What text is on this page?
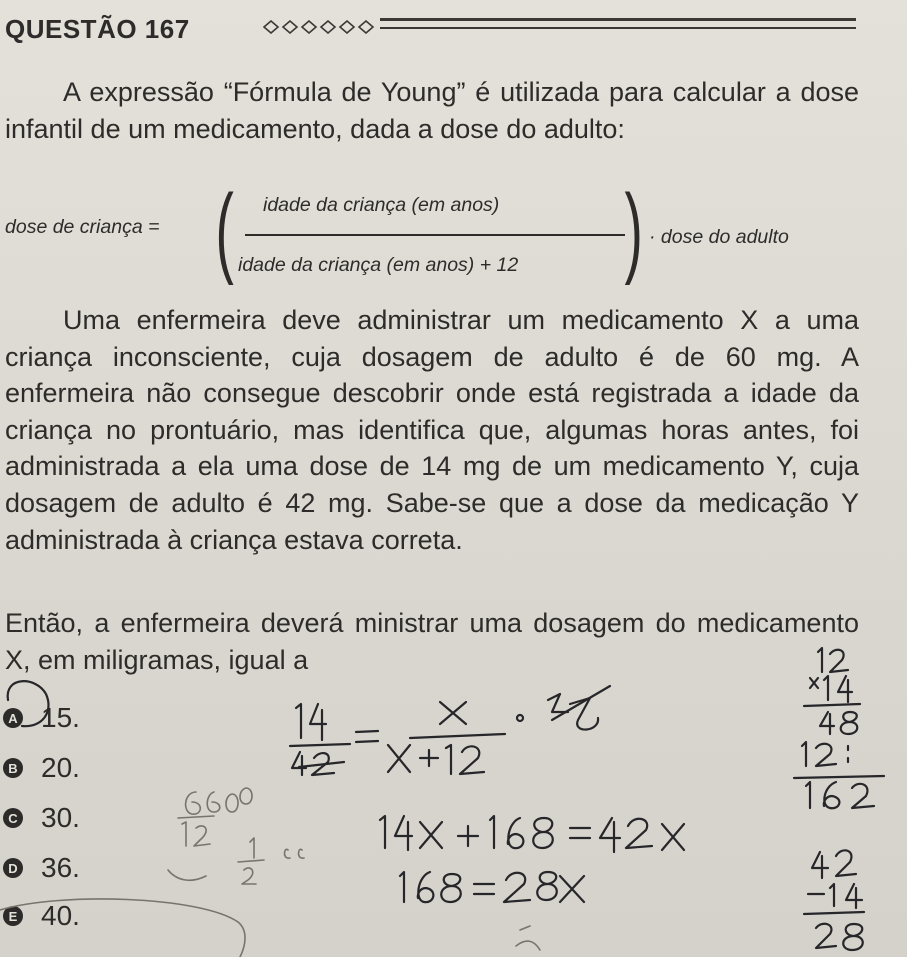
QUESTÃO 167
A expressão “Fórmula de Young” é utilizada para calcular a dose infantil de um medicamento, dada a dose do adulto:
dose de criança = ( idade da criança (em anos)
idade da criança (em anos) + 12 ) · dose do adulto
Uma enfermeira deve administrar um medicamento X a uma criança inconsciente, cuja dosagem de adulto é de 60 mg. A enfermeira não consegue descobrir onde está registrada a idade da criança no prontuário, mas identifica que, algumas horas antes, foi administrada a ela uma dose de 14 mg de um medicamento Y, cuja dosagem de adulto é 42 mg. Sabe-se que a dose da medicação Y administrada à criança estava correta.
Então, a enfermeira deverá ministrar uma dosagem do medicamento X, em miligramas, igual a
A 15.
B 20.
C 30.
D 36.
E 40.
